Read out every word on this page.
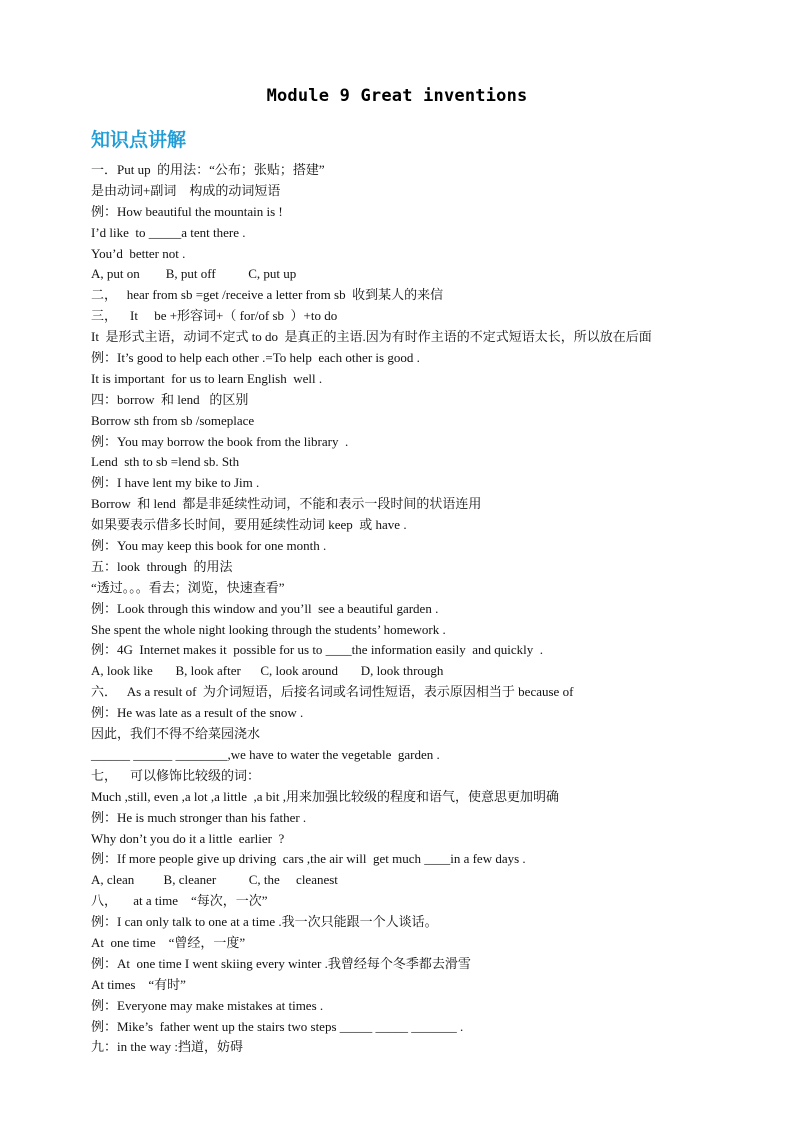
Module 9 Great inventions
知识点讲解
一．Put up  的用法：“公布；张贴；搭建”
是由动词+副词    构成的动词短语
例：How beautiful the mountain is !
I’d like  to _____a tent there .
You’d  better not .
A, put on        B, put off          C, put up
二，   hear from sb =get /receive a letter from sb  收到某人的来信
三，    It     be +形容词+（ for/of sb  ）+to do
It  是形式主语，动词不定式 to do  是真正的主语.因为有时作主语的不定式短语太长，所以放在后面
例：It’s good to help each other .=To help  each other is good .
It is important  for us to learn English  well .
四：borrow  和 lend   的区别
Borrow sth from sb /someplace
例：You may borrow the book from the library  .
Lend  sth to sb =lend sb. Sth
例：I have lent my bike to Jim .
Borrow  和 lend  都是非延续性动词，不能和表示一段时间的状语连用
如果要表示借多长时间，要用延续性动词 keep  或 have .
例：You may keep this book for one month .
五：look  through  的用法
“透过。。。看去；浏览，快速查看”
例：Look through this window and you’ll  see a beautiful garden .
She spent the whole night looking through the students’ homework .
例：4G  Internet makes it  possible for us to ____the information easily  and quickly  .
A, look like       B, look after      C, look around       D, look through
六．   As a result of  为介词短语，后接名词或名词性短语，表示原因相当于 because of
例：He was late as a result of the snow .
因此，我们不得不给菜园浇水
______ ______ ________,we have to water the vegetable  garden .
七，    可以修饰比较级的词：
Much ,still, even ,a lot ,a little  ,a bit ,用来加强比较级的程度和语气，使意思更加明确
例：He is much stronger than his father .
Why don’t you do it a little  earlier  ?
例：If more people give up driving  cars ,the air will  get much ____in a few days .
A, clean         B, cleaner          C, the     cleanest
八，     at a time    “每次，一次”
例：I can only talk to one at a time .我一次只能跟一个人谈话。
At  one time    “曾经，一度”
例：At  one time I went skiing every winter .我曾经每个冬季都去滑雪
At times    “有时”
例：Everyone may make mistakes at times .
例：Mike’s  father went up the stairs two steps _____ _____ _______ .
九：in the way :挡道，妨碍
